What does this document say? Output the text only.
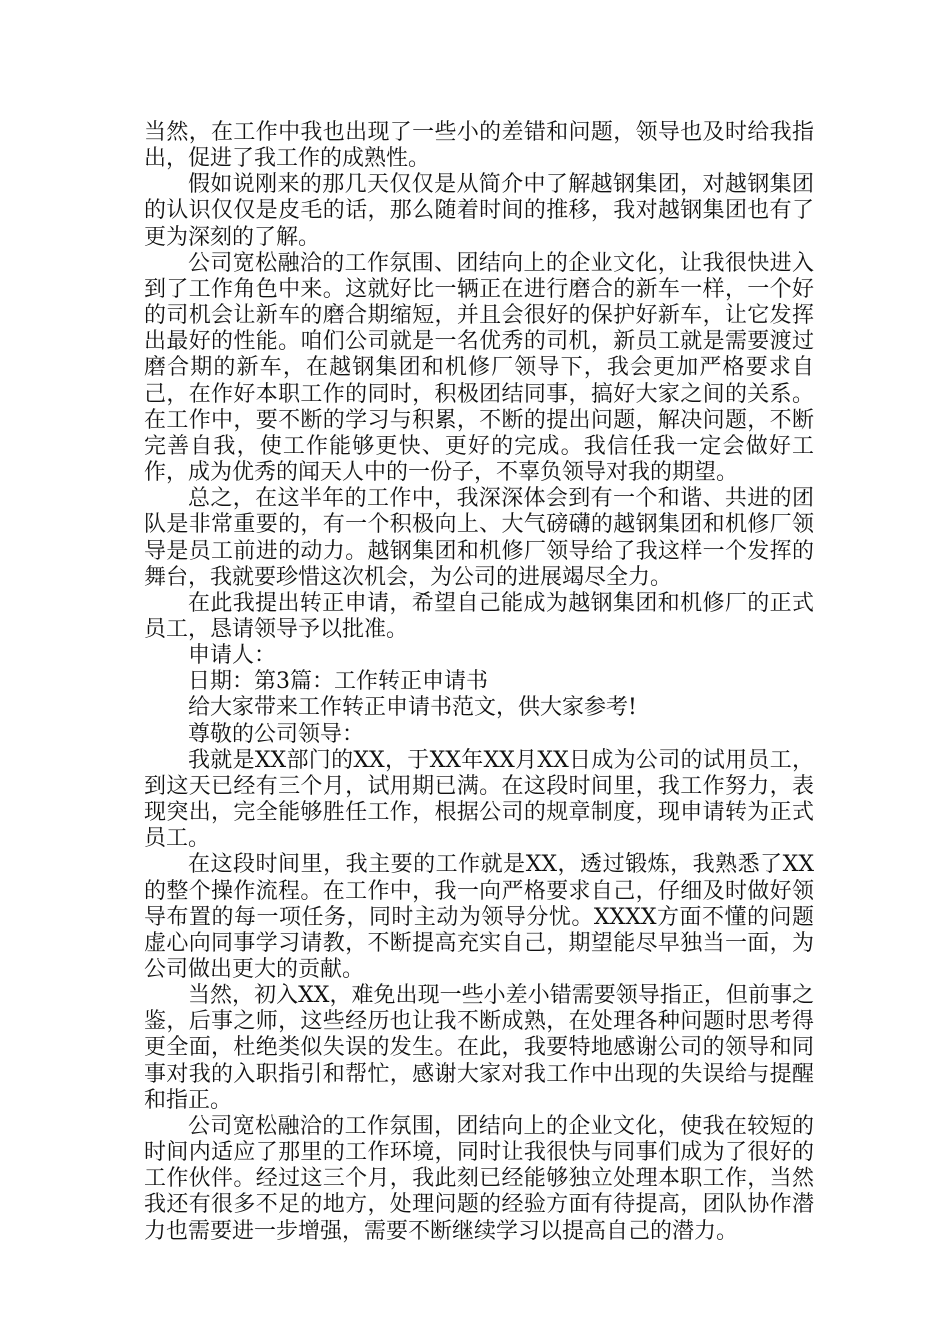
当然，在工作中我也出现了一些小的差错和问题，领导也及时给我指出，促进了我工作的成熟性。

假如说刚来的那几天仅仅是从简介中了解越钢集团，对越钢集团的认识仅仅是皮毛的话，那么随着时间的推移，我对越钢集团也有了更为深刻的了解。

公司宽松融洽的工作氛围、团结向上的企业文化，让我很快进入到了工作角色中来。这就好比一辆正在进行磨合的新车一样，一个好的司机会让新车的磨合期缩短，并且会很好的保护好新车，让它发挥出最好的性能。咱们公司就是一名优秀的司机，新员工就是需要渡过磨合期的新车，在越钢集团和机修厂领导下，我会更加严格要求自己，在作好本职工作的同时，积极团结同事，搞好大家之间的关系。在工作中，要不断的学习与积累，不断的提出问题，解决问题，不断完善自我，使工作能够更快、更好的完成。我信任我一定会做好工作，成为优秀的闻天人中的一份子，不辜负领导对我的期望。

总之，在这半年的工作中，我深深体会到有一个和谐、共进的团队是非常重要的，有一个积极向上、大气磅礴的越钢集团和机修厂领导是员工前进的动力。越钢集团和机修厂领导给了我这样一个发挥的舞台，我就要珍惜这次机会，为公司的进展竭尽全力。

在此我提出转正申请，希望自己能成为越钢集团和机修厂的正式员工，恳请领导予以批准。

申请人：

日期：第3篇：工作转正申请书

给大家带来工作转正申请书范文，供大家参考!

尊敬的公司领导：

我就是XX部门的XX，于XX年XX月XX日成为公司的试用员工，到这天已经有三个月，试用期已满。在这段时间里，我工作努力，表现突出，完全能够胜任工作，根据公司的规章制度，现申请转为正式员工。

在这段时间里，我主要的工作就是XX，透过锻炼，我熟悉了XX的整个操作流程。在工作中，我一向严格要求自己，仔细及时做好领导布置的每一项任务，同时主动为领导分忧。XXXX方面不懂的问题虚心向同事学习请教，不断提高充实自己，期望能尽早独当一面，为公司做出更大的贡献。

当然，初入XX，难免出现一些小差小错需要领导指正，但前事之鉴，后事之师，这些经历也让我不断成熟，在处理各种问题时思考得更全面，杜绝类似失误的发生。在此，我要特地感谢公司的领导和同事对我的入职指引和帮忙，感谢大家对我工作中出现的失误给与提醒和指正。

公司宽松融洽的工作氛围，团结向上的企业文化，使我在较短的时间内适应了那里的工作环境，同时让我很快与同事们成为了很好的工作伙伴。经过这三个月，我此刻已经能够独立处理本职工作，当然我还有很多不足的地方，处理问题的经验方面有待提高，团队协作潜力也需要进一步增强，需要不断继续学习以提高自己的潜力。
